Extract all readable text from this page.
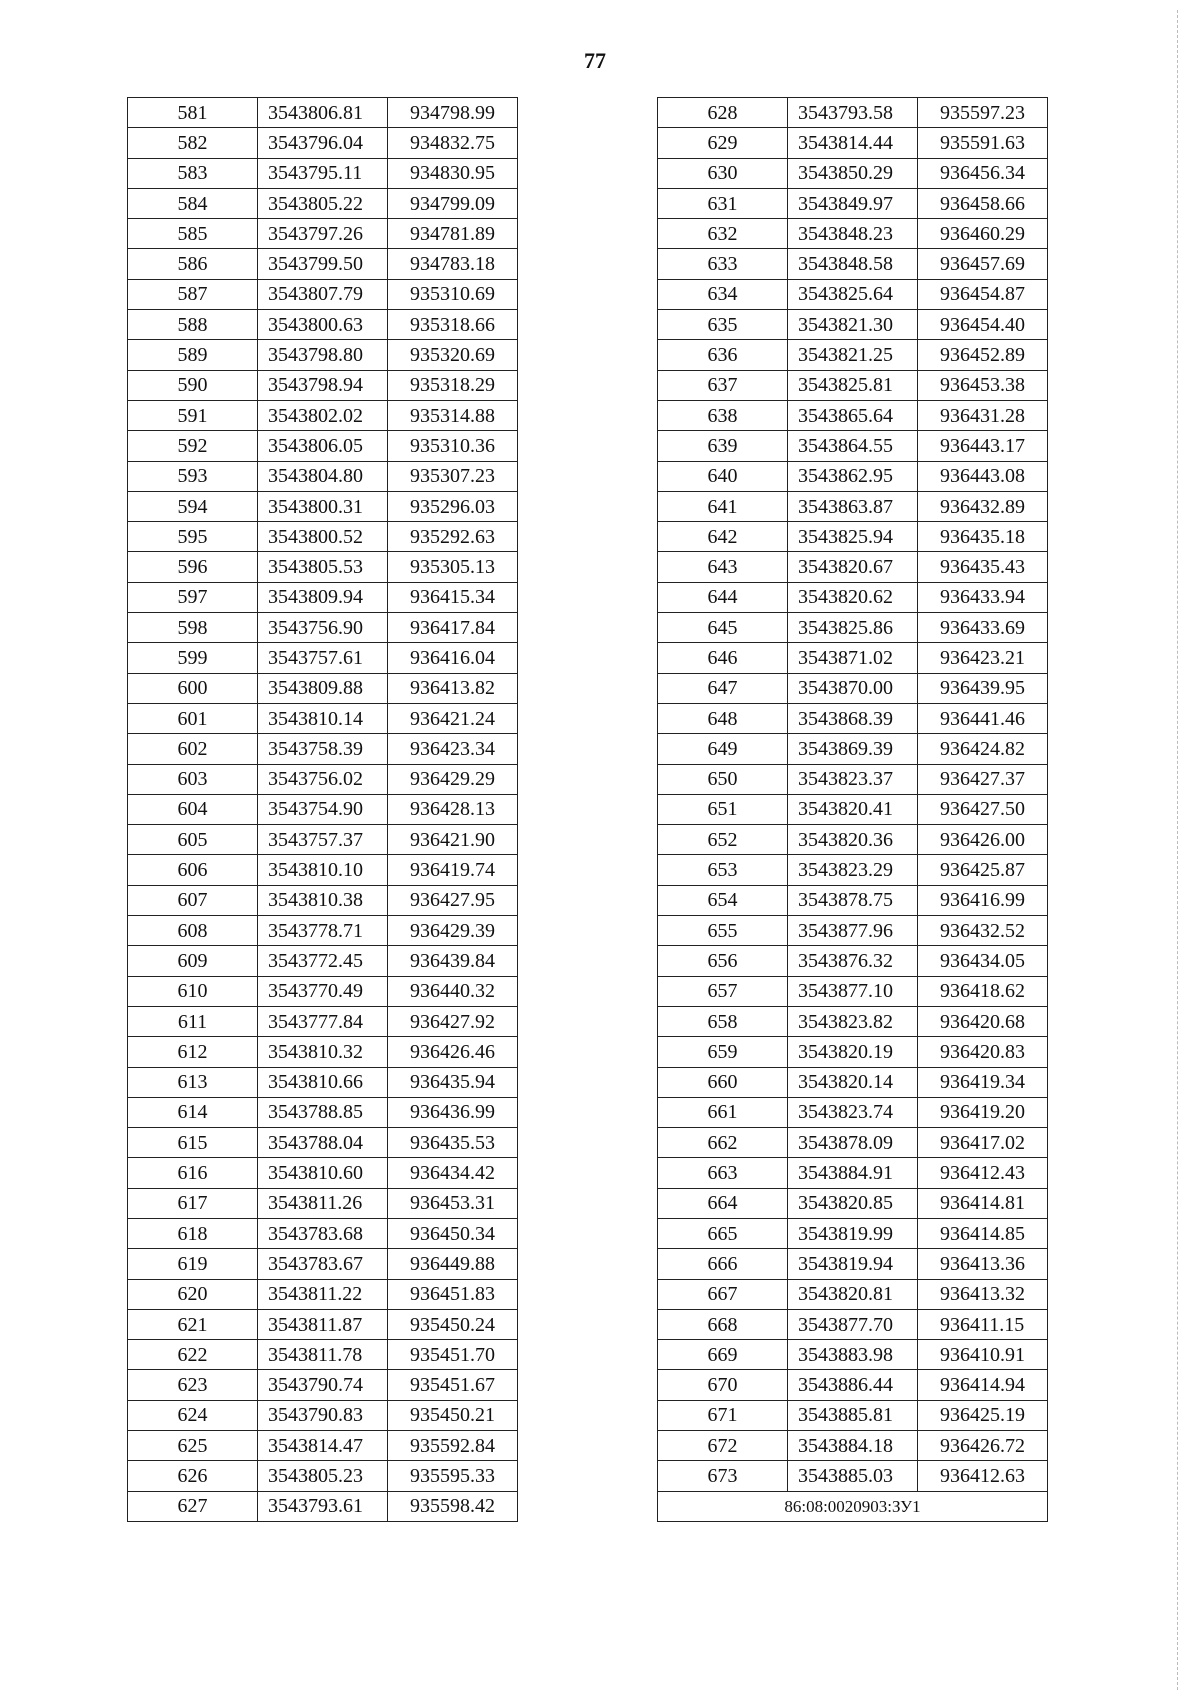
77
581	3543806.81	934798.99
582	3543796.04	934832.75
583	3543795.11	934830.95
584	3543805.22	934799.09
585	3543797.26	934781.89
586	3543799.50	934783.18
587	3543807.79	935310.69
588	3543800.63	935318.66
589	3543798.80	935320.69
590	3543798.94	935318.29
591	3543802.02	935314.88
592	3543806.05	935310.36
593	3543804.80	935307.23
594	3543800.31	935296.03
595	3543800.52	935292.63
596	3543805.53	935305.13
597	3543809.94	936415.34
598	3543756.90	936417.84
599	3543757.61	936416.04
600	3543809.88	936413.82
601	3543810.14	936421.24
602	3543758.39	936423.34
603	3543756.02	936429.29
604	3543754.90	936428.13
605	3543757.37	936421.90
606	3543810.10	936419.74
607	3543810.38	936427.95
608	3543778.71	936429.39
609	3543772.45	936439.84
610	3543770.49	936440.32
611	3543777.84	936427.92
612	3543810.32	936426.46
613	3543810.66	936435.94
614	3543788.85	936436.99
615	3543788.04	936435.53
616	3543810.60	936434.42
617	3543811.26	936453.31
618	3543783.68	936450.34
619	3543783.67	936449.88
620	3543811.22	936451.83
621	3543811.87	935450.24
622	3543811.78	935451.70
623	3543790.74	935451.67
624	3543790.83	935450.21
625	3543814.47	935592.84
626	3543805.23	935595.33
627	3543793.61	935598.42
628	3543793.58	935597.23
629	3543814.44	935591.63
630	3543850.29	936456.34
631	3543849.97	936458.66
632	3543848.23	936460.29
633	3543848.58	936457.69
634	3543825.64	936454.87
635	3543821.30	936454.40
636	3543821.25	936452.89
637	3543825.81	936453.38
638	3543865.64	936431.28
639	3543864.55	936443.17
640	3543862.95	936443.08
641	3543863.87	936432.89
642	3543825.94	936435.18
643	3543820.67	936435.43
644	3543820.62	936433.94
645	3543825.86	936433.69
646	3543871.02	936423.21
647	3543870.00	936439.95
648	3543868.39	936441.46
649	3543869.39	936424.82
650	3543823.37	936427.37
651	3543820.41	936427.50
652	3543820.36	936426.00
653	3543823.29	936425.87
654	3543878.75	936416.99
655	3543877.96	936432.52
656	3543876.32	936434.05
657	3543877.10	936418.62
658	3543823.82	936420.68
659	3543820.19	936420.83
660	3543820.14	936419.34
661	3543823.74	936419.20
662	3543878.09	936417.02
663	3543884.91	936412.43
664	3543820.85	936414.81
665	3543819.99	936414.85
666	3543819.94	936413.36
667	3543820.81	936413.32
668	3543877.70	936411.15
669	3543883.98	936410.91
670	3543886.44	936414.94
671	3543885.81	936425.19
672	3543884.18	936426.72
673	3543885.03	936412.63
86:08:0020903:ЗУ1		
